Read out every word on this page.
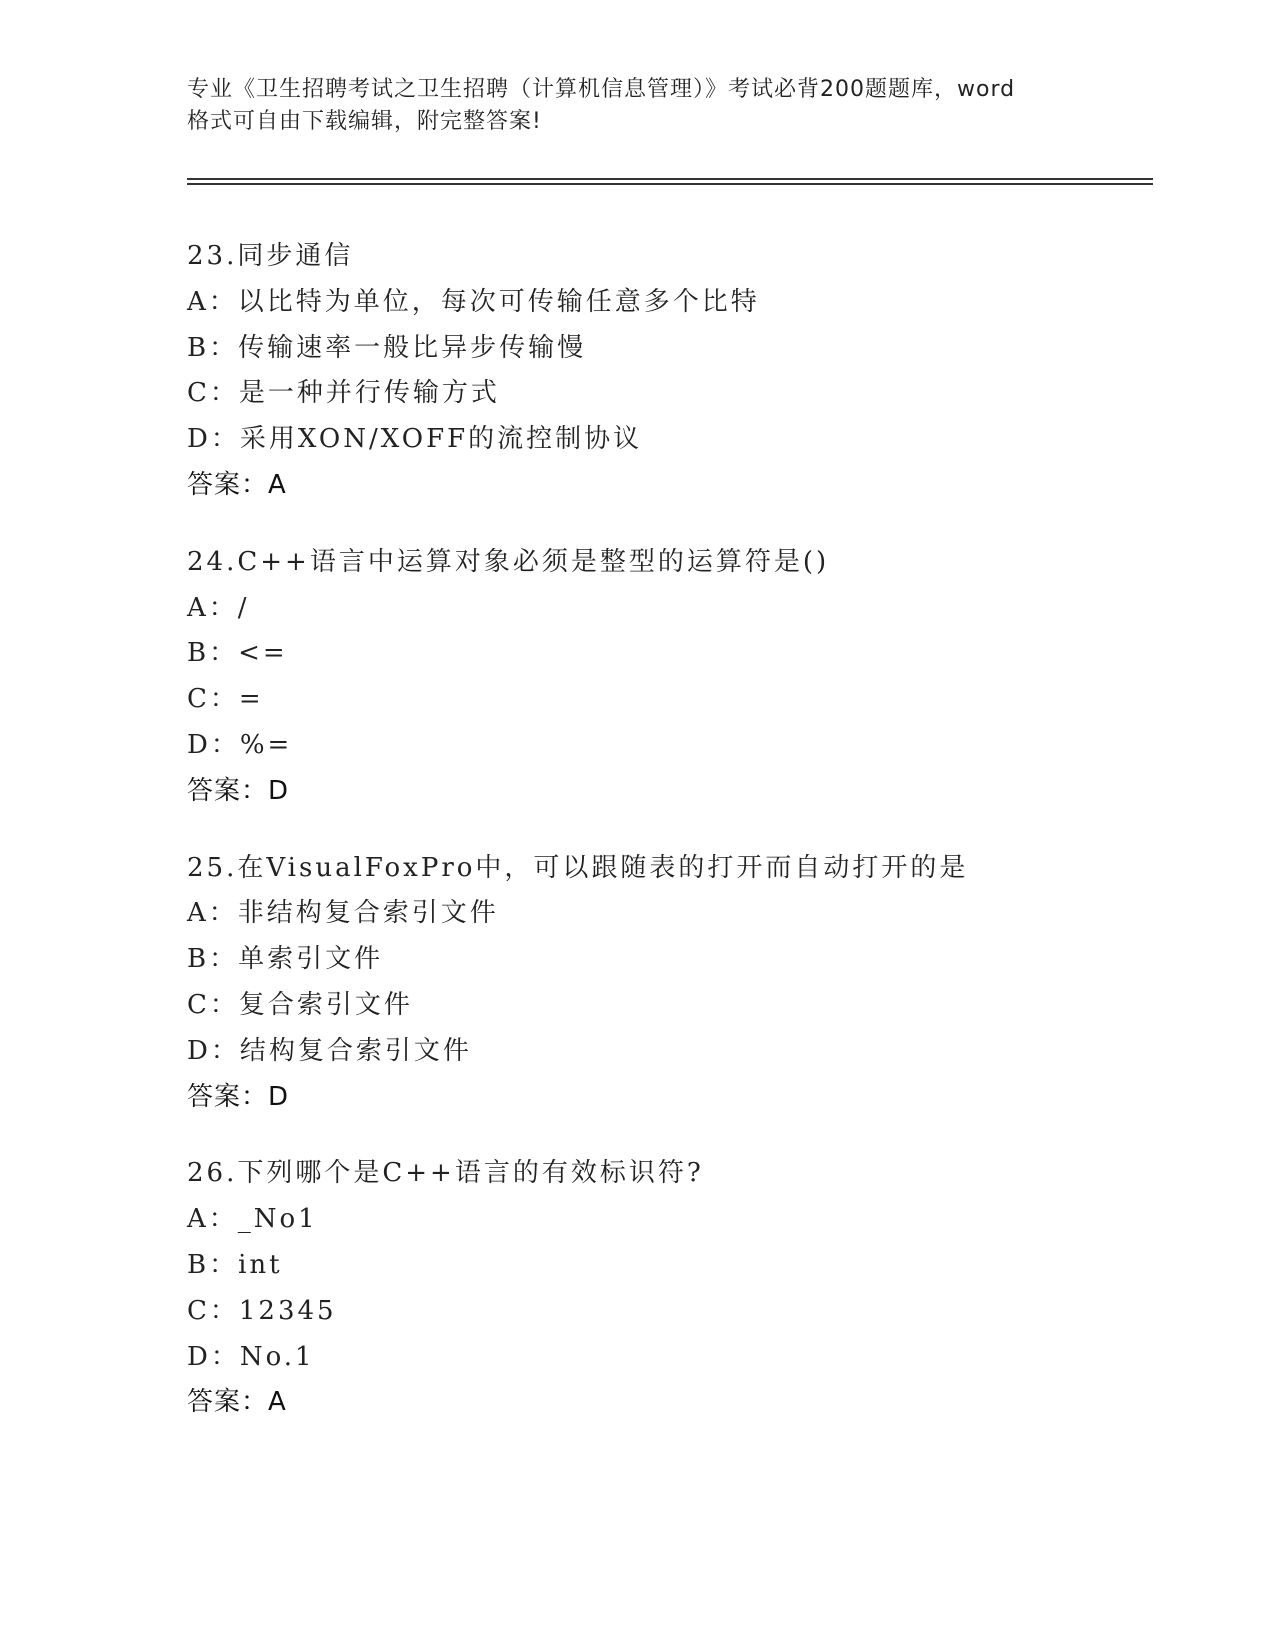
专业《卫生招聘考试之卫生招聘（计算机信息管理）》考试必背200题题库，word
格式可自由下载编辑，附完整答案!
23.同步通信
A：以比特为单位，每次可传输任意多个比特
B：传输速率一般比异步传输慢
C：是一种并行传输方式
D：采用XON/XOFF的流控制协议
答案：A
24.C++语言中运算对象必须是整型的运算符是()
A：/
B：<=
C：=
D：%=
答案：D
25.在VisualFoxPro中，可以跟随表的打开而自动打开的是
A：非结构复合索引文件
B：单索引文件
C：复合索引文件
D：结构复合索引文件
答案：D
26.下列哪个是C++语言的有效标识符?
A：_No1
B：int
C：12345
D：No.1
答案：A
